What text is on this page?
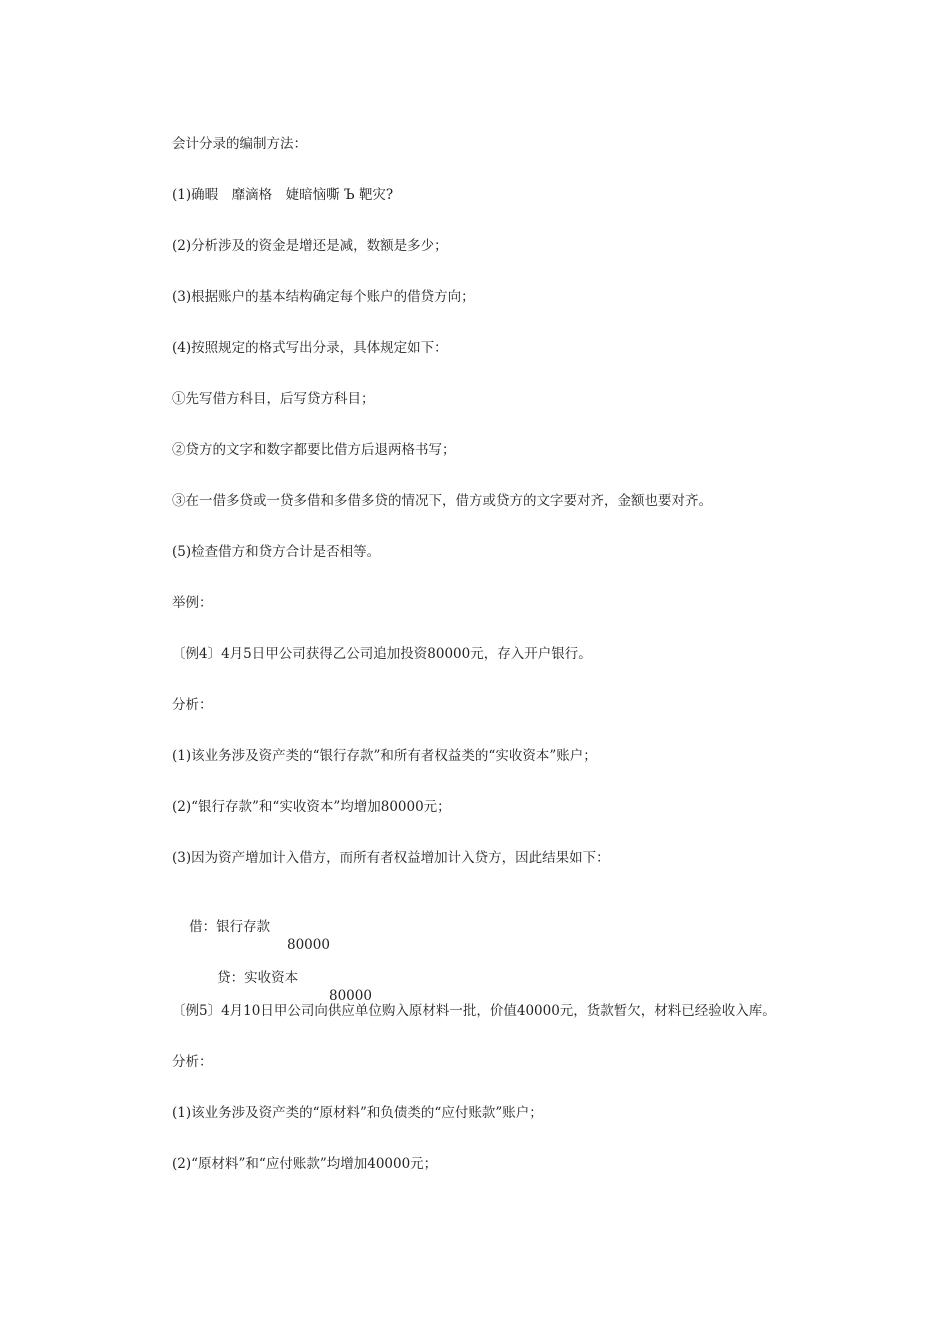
会计分录的编制方法：
(1)确暇　靡滴格　婕暗恼嘶 Ъ 靶灾?
(2)分析涉及的资金是增还是减，数额是多少；
(3)根据账户的基本结构确定每个账户的借贷方向；
(4)按照规定的格式写出分录，具体规定如下：
①先写借方科目，后写贷方科目；
②贷方的文字和数字都要比借方后退两格书写；
③在一借多贷或一贷多借和多借多贷的情况下，借方或贷方的文字要对齐，金额也要对齐。
(5)检查借方和贷方合计是否相等。
举例：
〔例4〕4月5日甲公司获得乙公司追加投资80000元，存入开户银行。
分析：
(1)该业务涉及资产类的“银行存款”和所有者权益类的“实收资本”账户；
(2)“银行存款”和“实收资本”均增加80000元；
(3)因为资产增加计入借方，而所有者权益增加计入贷方，因此结果如下：

借：银行存款

80000

贷：实收资本

80000

〔例5〕4月10日甲公司向供应单位购入原材料一批，价值40000元，货款暂欠，材料已经验收入库。
分析：
(1)该业务涉及资产类的“原材料”和负债类的“应付账款”账户；
(2)“原材料”和“应付账款”均增加40000元；
